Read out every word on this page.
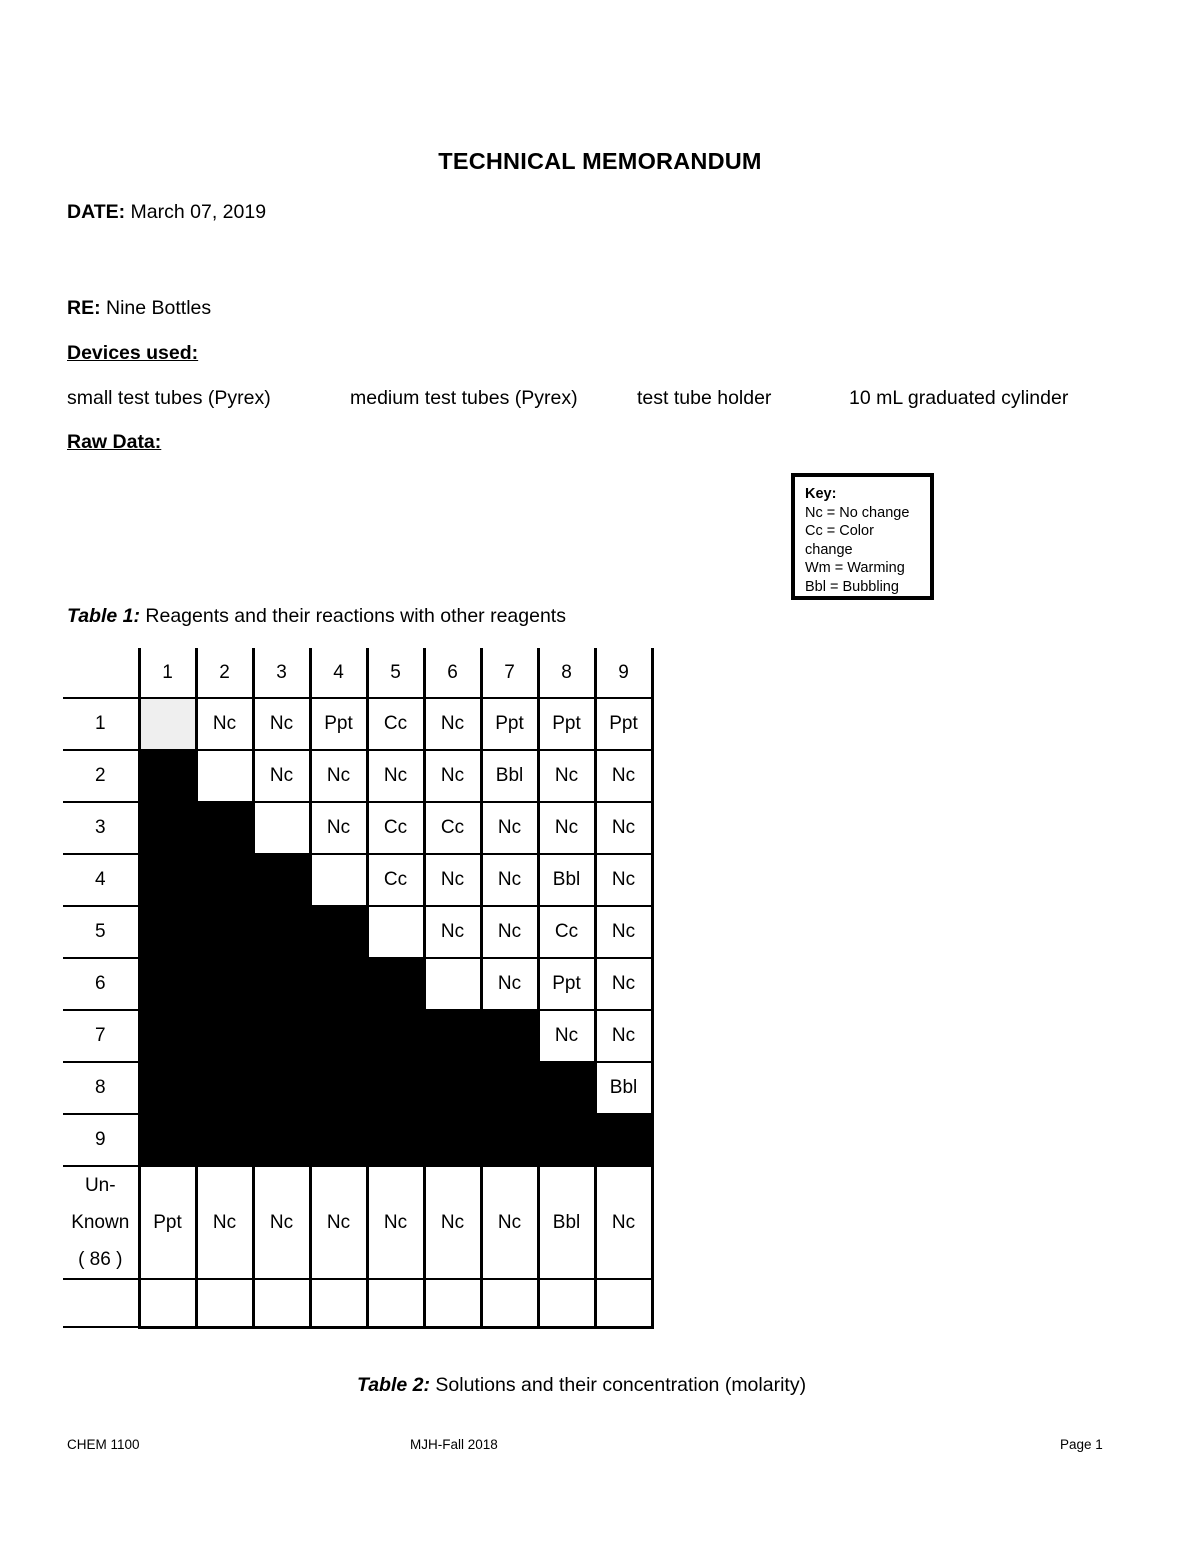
TECHNICAL MEMORANDUM
DATE: March 07, 2019
RE: Nine Bottles
Devices used:
small test tubes (Pyrex)	medium test tubes (Pyrex)	test tube holder	10 mL graduated cylinder
Raw Data:
Key:
Nc = No change
Cc = Color change
Wm = Warming
Bbl = Bubbling
Table 1: Reagents and their reactions with other reagents
	1	2	3	4	5	6	7	8	9
1		Nc	Nc	Ppt	Cc	Nc	Ppt	Ppt	Ppt
2			Nc	Nc	Nc	Nc	Bbl	Nc	Nc
3				Nc	Cc	Cc	Nc	Nc	Nc
4					Cc	Nc	Nc	Bbl	Nc
5						Nc	Nc	Cc	Nc
6							Nc	Ppt	Nc
7								Nc	Nc
8									Bbl
9									

Un-
Known
( 86 )	Ppt	Nc	Nc	Nc	Nc	Nc	Nc	Bbl	Nc

Table 2: Solutions and their concentration (molarity)
CHEM 1100	MJH-Fall 2018	Page 1
